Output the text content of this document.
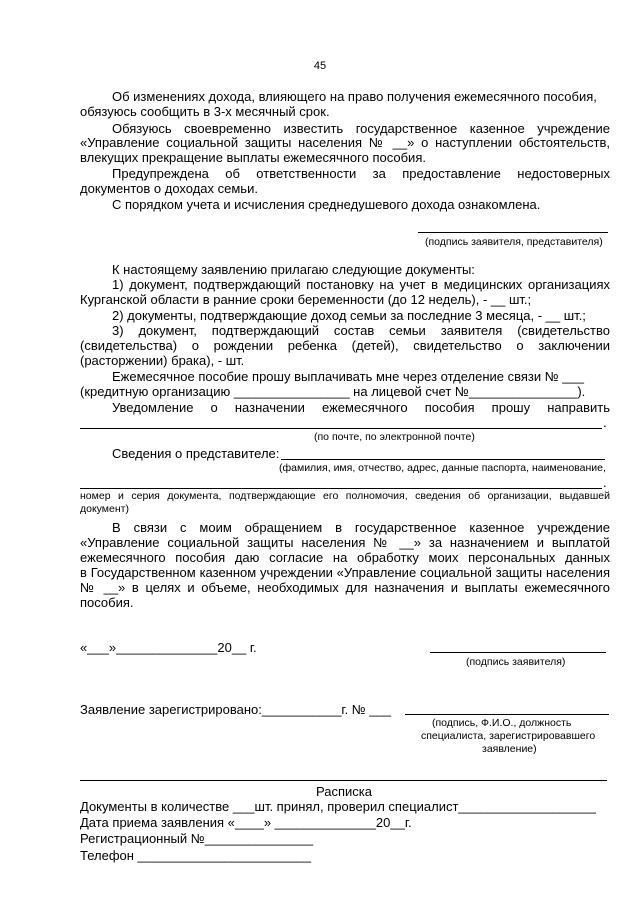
45
Об изменениях дохода, влияющего на право получения ежемесячного пособия,
обязуюсь сообщить в 3-х месячный срок.
Обязуюсь своевременно известить государственное казенное учреждение
«Управление социальной защиты населения № __» о наступлении обстоятельств,
влекущих прекращение выплаты ежемесячного пособия.
Предупреждена об ответственности за предоставление недостоверных
документов о доходах семьи.
С порядком учета и исчисления среднедушевого дохода ознакомлена.
(подпись заявителя, представителя)
К настоящему заявлению прилагаю следующие документы:
1) документ, подтверждающий постановку на учет в медицинских организациях
Курганской области в ранние сроки беременности (до 12 недель), - __ шт.;
2) документы, подтверждающие доход семьи за последние 3 месяца, - __ шт.;
3) документ, подтверждающий состав семьи заявителя (свидетельство
(свидетельства) о рождении ребенка (детей), свидетельство о заключении
(расторжении) брака), - шт.
Ежемесячное пособие прошу выплачивать мне через отделение связи № ___
(кредитную организацию ________________ на лицевой счет №_______________).
Уведомление о назначении ежемесячного пособия прошу направить
.
(по почте, по электронной почте)
Сведения о представителе:
(фамилия, имя, отчество, адрес, данные паспорта, наименование,
.
номер и серия документа, подтверждающие его полномочия, сведения об организации, выдавшей
документ)
В связи с моим обращением в государственное казенное учреждение
«Управление социальной защиты населения № __» за назначением и выплатой
ежемесячного пособия даю согласие на обработку моих персональных данных
в Государственном казенном учреждении «Управление социальной защиты населения
№ __» в целях и объеме, необходимых для назначения и выплаты ежемесячного
пособия.
«___»______________20__ г.
(подпись заявителя)
Заявление зарегистрировано:___________г. № ___
(подпись, Ф.И.О., должность
специалиста, зарегистрировавшего
заявление)
Расписка
Документы в количестве ___шт. принял, проверил специалист___________________
Дата приема заявления «____» ______________20__г.
Регистрационный №_______________
Телефон ________________________
